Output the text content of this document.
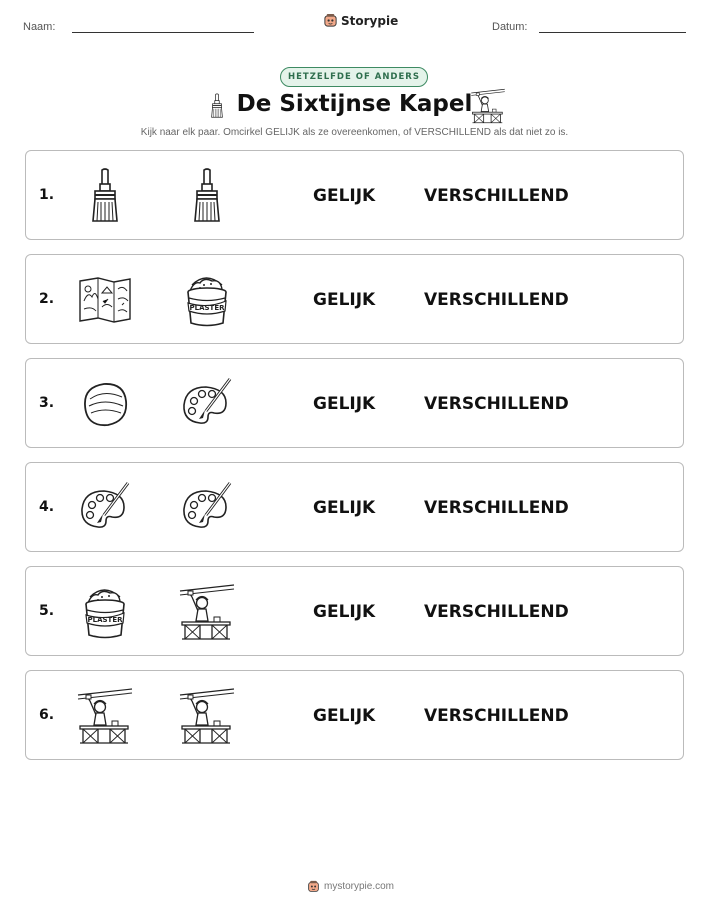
Naam:	Storypie	Datum:
HETZELFDE OF ANDERS
De Sixtijnse Kapel
Kijk naar elk paar. Omcirkel GELIJK als ze overeenkomen, of VERSCHILLEND als dat niet zo is.
1.	GELIJK	VERSCHILLEND
2.	GELIJK	VERSCHILLEND
3.	GELIJK	VERSCHILLEND
4.	GELIJK	VERSCHILLEND
5.	GELIJK	VERSCHILLEND
6.	GELIJK	VERSCHILLEND
mystorypie.com
